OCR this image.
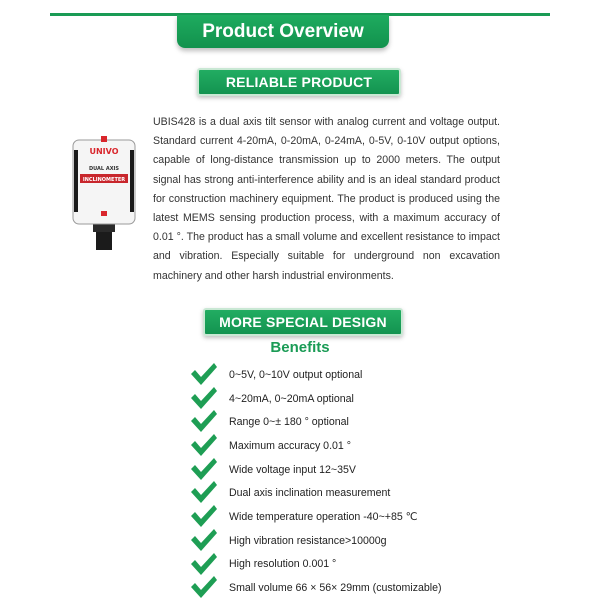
Product Overview
RELIABLE PRODUCT
UNIVO
DUAL AXIS
INCLINOMETER

UBIS428 is a dual axis tilt sensor with analog current and voltage output. Standard current 4-20mA, 0-20mA, 0-24mA, 0-5V, 0-10V output options, capable of long-distance transmission up to 2000 meters. The output signal has strong anti-interference ability and is an ideal standard product for construction machinery equipment. The product is produced using the latest MEMS sensing production process, with a maximum accuracy of 0.01 °. The product has a small volume and excellent resistance to impact and vibration. Especially suitable for underground non excavation machinery and other harsh industrial environments.

MORE SPECIAL DESIGN
Benefits
0~5V, 0~10V output optional
4~20mA, 0~20mA optional
Range 0~± 180 ° optional
Maximum accuracy 0.01 °
Wide voltage input 12~35V
Dual axis inclination measurement
Wide temperature operation -40~+85 ℃
High vibration resistance>10000g
High resolution 0.001 °
Small volume 66 × 56× 29mm (customizable)
